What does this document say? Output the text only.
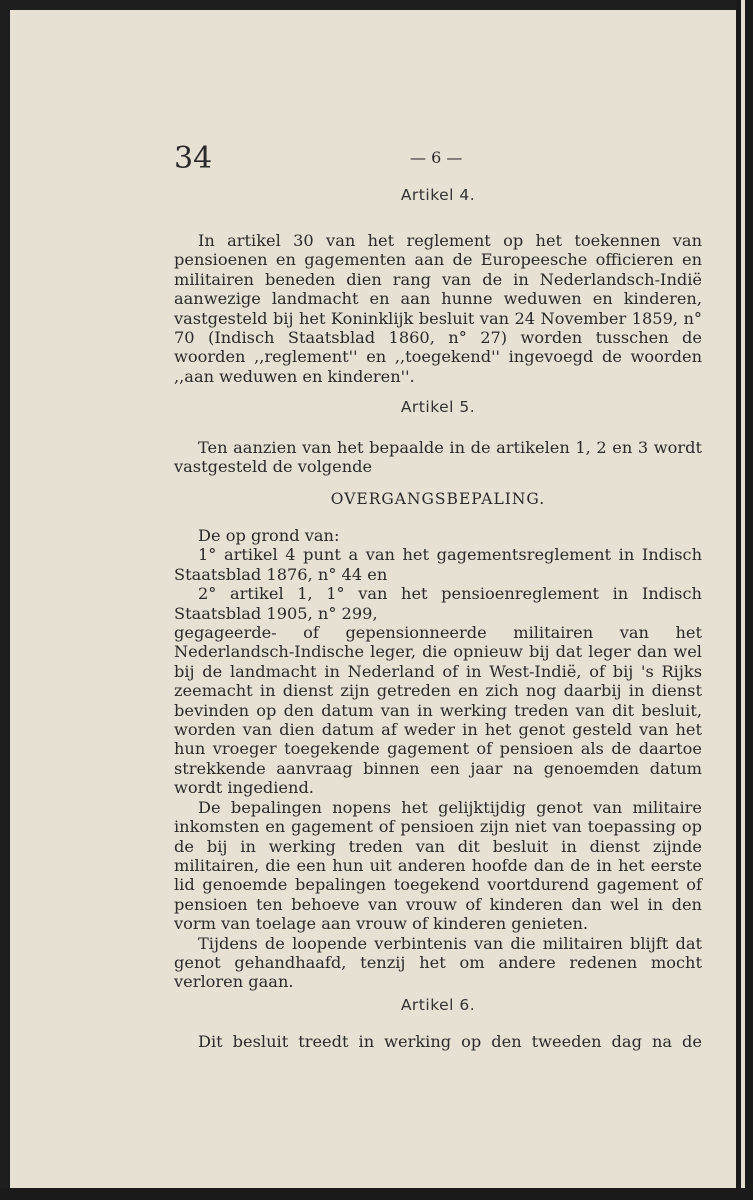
34	— 6 —
Artikel 4.

In artikel 30 van het reglement op het toekennen van pensioenen en gagementen aan de Europeesche officieren en militairen beneden dien rang van de in Nederlandsch-Indië aanwezige landmacht en aan hunne weduwen en kinderen, vastgesteld bij het Koninklijk besluit van 24 November 1859, n° 70 (Indisch Staatsblad 1860, n° 27) worden tusschen de woorden ,,reglement'' en ,,toegekend'' ingevoegd de woorden ,,aan weduwen en kinderen''.

Artikel 5.

Ten aanzien van het bepaalde in de artikelen 1, 2 en 3 wordt vastgesteld de volgende

OVERGANGSBEPALING.

De op grond van:

1° artikel 4 punt a van het gagementsreglement in Indisch Staatsblad 1876, n° 44 en

2° artikel 1, 1° van het pensioenreglement in Indisch Staatsblad 1905, n° 299,

gegageerde- of gepensionneerde militairen van het Nederlandsch-Indische leger, die opnieuw bij dat leger dan wel bij de landmacht in Nederland of in West-Indië, of bij 's Rijks zeemacht in dienst zijn getreden en zich nog daarbij in dienst bevinden op den datum van in werking treden van dit besluit, worden van dien datum af weder in het genot gesteld van het hun vroeger toegekende gagement of pensioen als de daartoe strekkende aanvraag binnen een jaar na genoemden datum wordt ingediend.

De bepalingen nopens het gelijktijdig genot van militaire inkomsten en gagement of pensioen zijn niet van toepassing op de bij in werking treden van dit besluit in dienst zijnde militairen, die een hun uit anderen hoofde dan de in het eerste lid genoemde bepalingen toegekend voortdurend gagement of pensioen ten behoeve van vrouw of kinderen dan wel in den vorm van toelage aan vrouw of kinderen genieten.

Tijdens de loopende verbintenis van die militairen blijft dat genot gehandhaafd, tenzij het om andere redenen mocht verloren gaan.

Artikel 6.

Dit besluit treedt in werking op den tweeden dag na de
